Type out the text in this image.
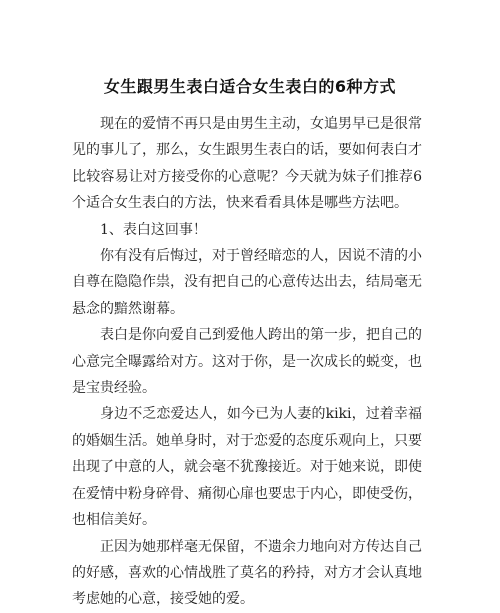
女生跟男生表白适合女生表白的6种方式

现在的爱情不再只是由男生主动，女追男早已是很常见的事儿了，那么，女生跟男生表白的话，要如何表白才比较容易让对方接受你的心意呢？今天就为妹子们推荐6个适合女生表白的方法，快来看看具体是哪些方法吧。

1、表白这回事！

你有没有后悔过，对于曾经暗恋的人，因说不清的小自尊在隐隐作祟，没有把自己的心意传达出去，结局毫无悬念的黯然谢幕。

表白是你向爱自己到爱他人跨出的第一步，把自己的心意完全曝露给对方。这对于你，是一次成长的蜕变，也是宝贵经验。

身边不乏恋爱达人，如今已为人妻的kiki，过着幸福的婚姻生活。她单身时，对于恋爱的态度乐观向上，只要出现了中意的人，就会毫不犹豫接近。对于她来说，即使在爱情中粉身碎骨、痛彻心扉也要忠于内心，即使受伤，也相信美好。

正因为她那样毫无保留，不遗余力地向对方传达自己的好感，喜欢的心情战胜了莫名的矜持，对方才会认真地考虑她的心意，接受她的爱。
